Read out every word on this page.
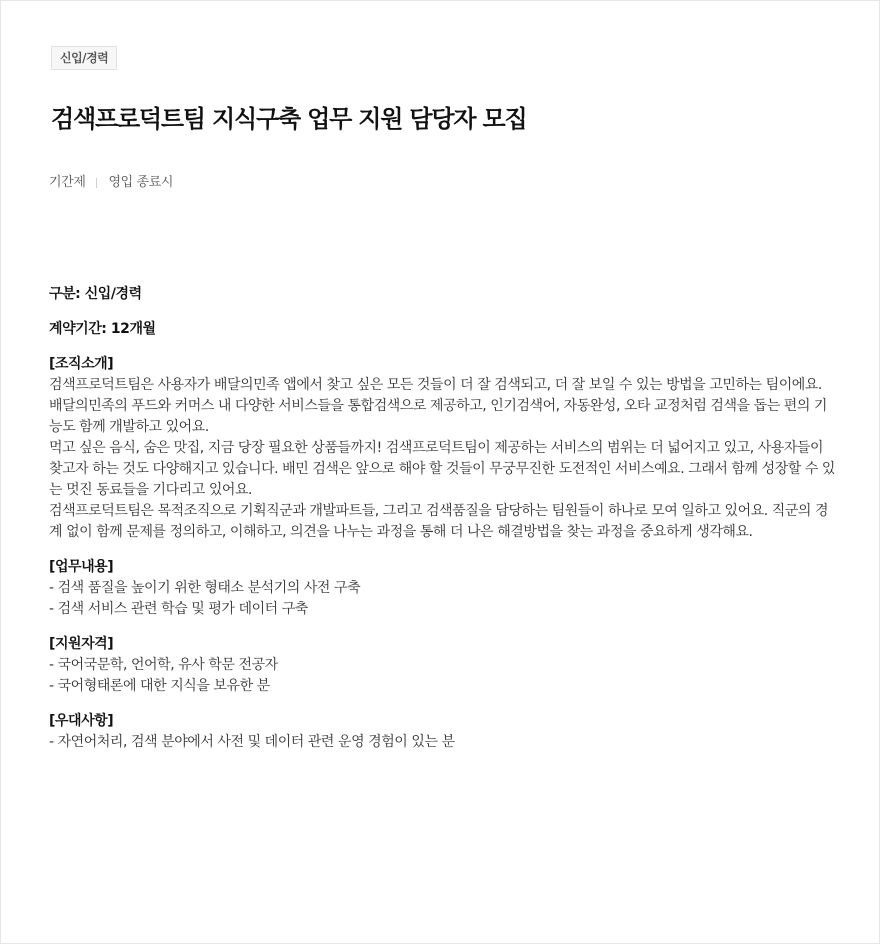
신입/경력
검색프로덕트팀 지식구축 업무 지원 담당자 모집
기간제 영입 종료시
구분: 신입/경력
계약기간: 12개월
[조직소개]

검색프로덕트팀은 사용자가 배달의민족 앱에서 찾고 싶은 모든 것들이 더 잘 검색되고, 더 잘 보일 수 있는 방법을 고민하는 팀이에요.

배달의민족의 푸드와 커머스 내 다양한 서비스들을 통합검색으로 제공하고, 인기검색어, 자동완성, 오타 교정처럼 검색을 돕는 편의 기능도 함께 개발하고 있어요.

먹고 싶은 음식, 숨은 맛집, 지금 당장 필요한 상품들까지! 검색프로덕트팀이 제공하는 서비스의 범위는 더 넓어지고 있고, 사용자들이 찾고자 하는 것도 다양해지고 있습니다. 배민 검색은 앞으로 해야 할 것들이 무궁무진한 도전적인 서비스예요. 그래서 함께 성장할 수 있는 멋진 동료들을 기다리고 있어요.

검색프로덕트팀은 목적조직으로 기획직군과 개발파트들, 그리고 검색품질을 담당하는 팀원들이 하나로 모여 일하고 있어요. 직군의 경계 없이 함께 문제를 정의하고, 이해하고, 의견을 나누는 과정을 통해 더 나은 해결방법을 찾는 과정을 중요하게 생각해요.

[업무내용]

- 검색 품질을 높이기 위한 형태소 분석기의 사전 구축

- 검색 서비스 관련 학습 및 평가 데이터 구축

[지원자격]

- 국어국문학, 언어학, 유사 학문 전공자

- 국어형태론에 대한 지식을 보유한 분

[우대사항]

- 자연어처리, 검색 분야에서 사전 및 데이터 관련 운영 경험이 있는 분
